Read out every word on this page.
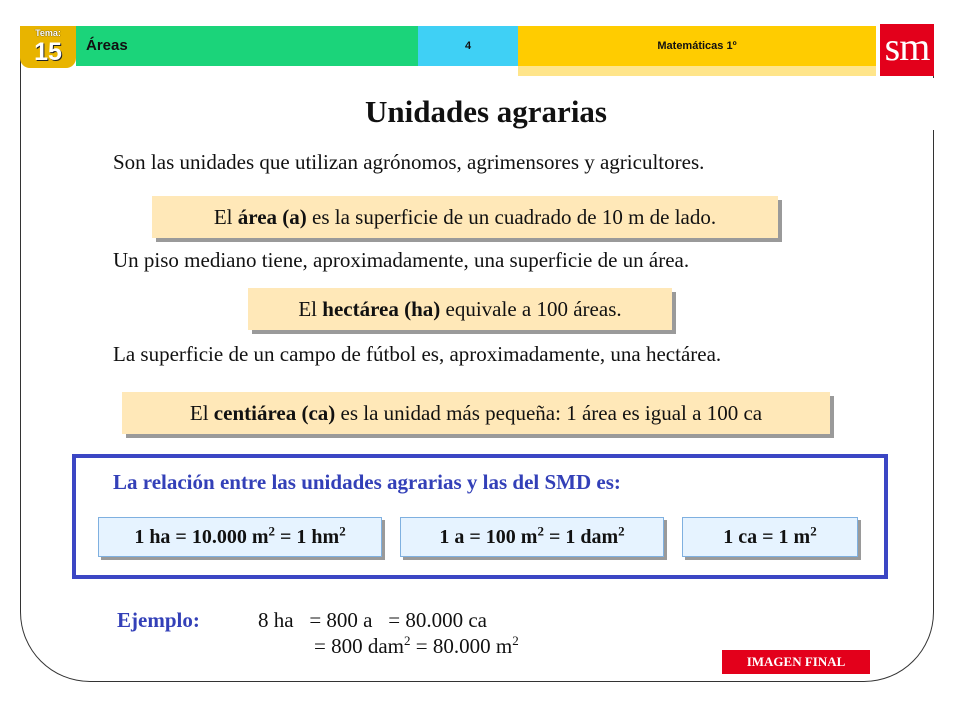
Tema:
15	Áreas	4	Matemáticas 1º	sm
Unidades agrarias
Son las unidades que utilizan agrónomos, agrimensores y agricultores.
El área (a) es la superficie de un cuadrado de 10 m de lado.
Un piso mediano tiene, aproximadamente, una superficie de un área.
El hectárea (ha) equivale a 100 áreas.
La superficie de un campo de fútbol es, aproximadamente, una hectárea.
El centiárea (ca) es la unidad más pequeña: 1 área es igual a 100 ca
La relación entre las unidades agrarias y las del SMD es:
1 ha = 10.000 $m^2 = 1$ $hm^2$	1 a = 100 $m^2 = 1$ dam$^2$	1 ca = 1 $m^2$
Ejemplo:	8 ha   = 800 a   = 80.000 ca
= 800 dam$^2$ = 80.000 $m^2$
IMAGEN FINAL
